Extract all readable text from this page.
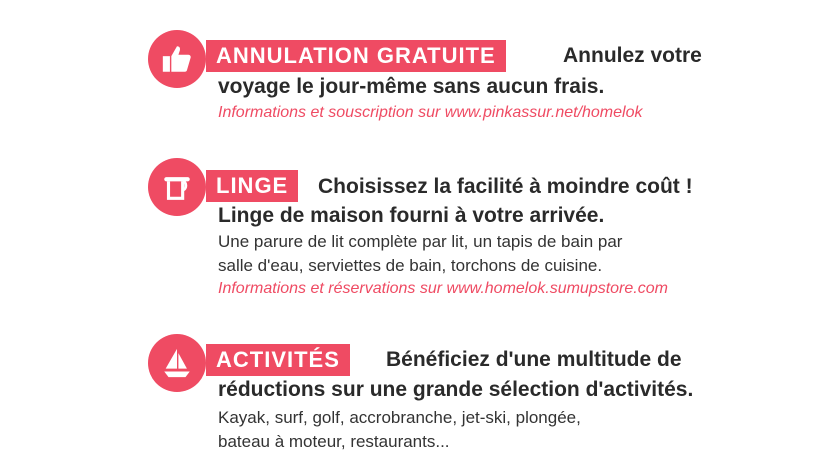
ANNULATION GRATUITE	Annulez votre
voyage le jour-même sans aucun frais.
Informations et souscription sur www.pinkassur.net/homelok
LINGE	Choisissez la facilité à moindre coût !
Linge de maison fourni à votre arrivée.
Une parure de lit complète par lit, un tapis de bain par
salle d'eau, serviettes de bain, torchons de cuisine.
Informations et réservations sur www.homelok.sumupstore.com
ACTIVITÉS	Bénéficiez d'une multitude de
réductions sur une grande sélection d'activités.
Kayak, surf, golf, accrobranche, jet-ski, plongée,
bateau à moteur, restaurants...
